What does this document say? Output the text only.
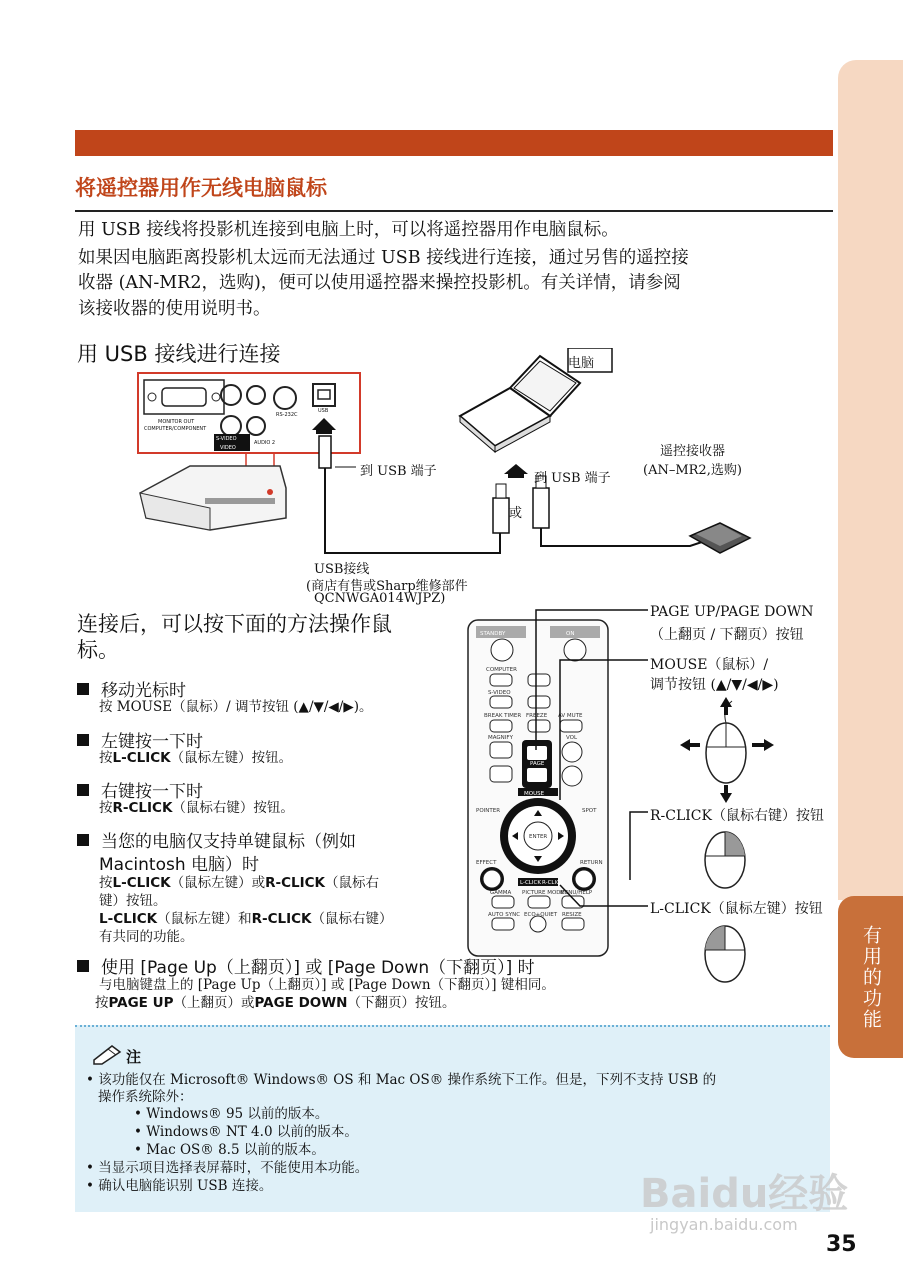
有用的功能
将遥控器用作无线电脑鼠标
用 USB 接线将投影机连接到电脑上时，可以将遥控器用作电脑鼠标。
如果因电脑距离投影机太远而无法通过 USB 接线进行连接，通过另售的遥控接
收器 (AN-MR2，选购)，便可以使用遥控器来操控投影机。有关详情，请参阅
该接收器的使用说明书。
用 USB 接线进行连接
MONITOR OUT
COMPUTER/COMPONENT
S-VIDEO
VIDEO
AUDIO 2
RS-232C
USB
电脑
到 USB 端子	到 USB 端子
或
遥控接收器
(AN–MR2,选购)
USB接线
(商店有售或Sharp维修部件
QCNWGA014WJPZ)
连接后，可以按下面的方法操作鼠
标。
移动光标时
按 MOUSE（鼠标）/ 调节按钮 (▲/▼/◀/▶)。
左键按一下时
按L-CLICK（鼠标左键）按钮。
右键按一下时
按R-CLICK（鼠标右键）按钮。
当您的电脑仅支持单键鼠标（例如
Macintosh 电脑）时
按L-CLICK（鼠标左键）或R-CLICK（鼠标右
键）按钮。
L-CLICK（鼠标左键）和R-CLICK（鼠标右键）
有共同的功能。
使用 [Page Up（上翻页）] 或 [Page Down（下翻页）] 时
与电脑键盘上的 [Page Up（上翻页）] 或 [Page Down（下翻页）] 键相同。
按PAGE UP（上翻页）或PAGE DOWN（下翻页）按钮。
STANDBY	ON
COMPUTER
S-VIDEO
BREAK TIMER FREEZE AV MUTE
MAGNIFY	VOL
PAGE
MOUSE
POINTER	SPOT
ENTER
EFFECT	RETURN
L-CLICK R-CLICK
GAMMA PICTURE MODE
MENU/HELP
AUTO SYNC ECO+QUIET RESIZE
PAGE UP/PAGE DOWN
（上翻页 / 下翻页）按钮
MOUSE（鼠标）/
调节按钮 (▲/▼/◀/▶)
R-CLICK（鼠标右键）按钮
L-CLICK（鼠标左键）按钮
注
• 该功能仅在 Microsoft® Windows® OS 和 Mac OS® 操作系统下工作。但是，下列不支持 USB 的
操作系统除外：
• Windows® 95 以前的版本。
• Windows® NT 4.0 以前的版本。
• Mac OS® 8.5 以前的版本。
• 当显示项目选择表屏幕时，不能使用本功能。
• 确认电脑能识别 USB 连接。	Baidu经验
jingyan.baidu.com
35
